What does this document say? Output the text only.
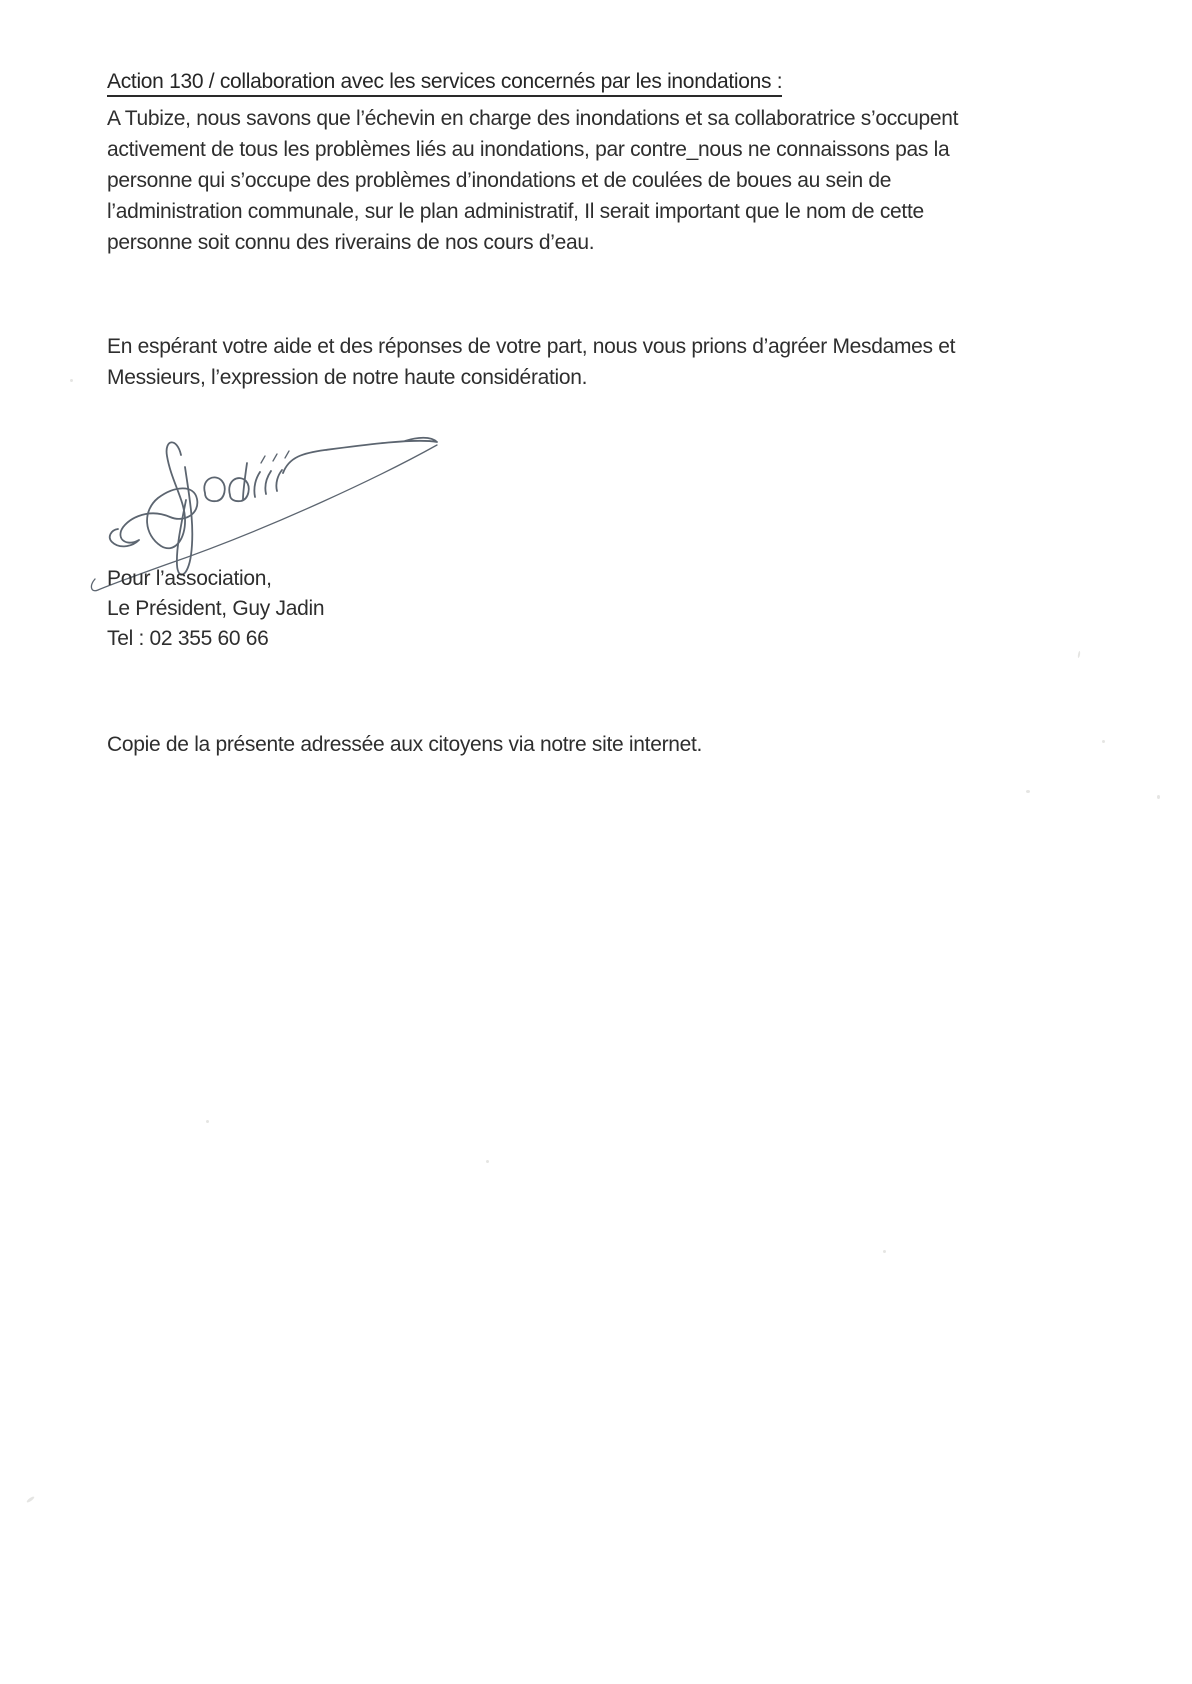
Action 130 / collaboration avec les services concernés par les inondations :
A Tubize, nous savons que l’échevin en charge des inondations et sa collaboratrice s’occupent
activement de tous les problèmes liés au inondations, par contre_nous ne connaissons pas la
personne qui s’occupe des problèmes d’inondations et de coulées de boues au sein de
l’administration communale, sur le plan administratif, Il serait important que le nom de cette
personne soit connu des riverains de nos cours d’eau.
En espérant votre aide et des réponses de votre part, nous vous prions d’agréer Mesdames et
Messieurs, l’expression de notre haute considération.
Pour l’association,
Le Président, Guy Jadin
Tel : 02 355 60 66
Copie de la présente adressée aux citoyens via notre site internet.
